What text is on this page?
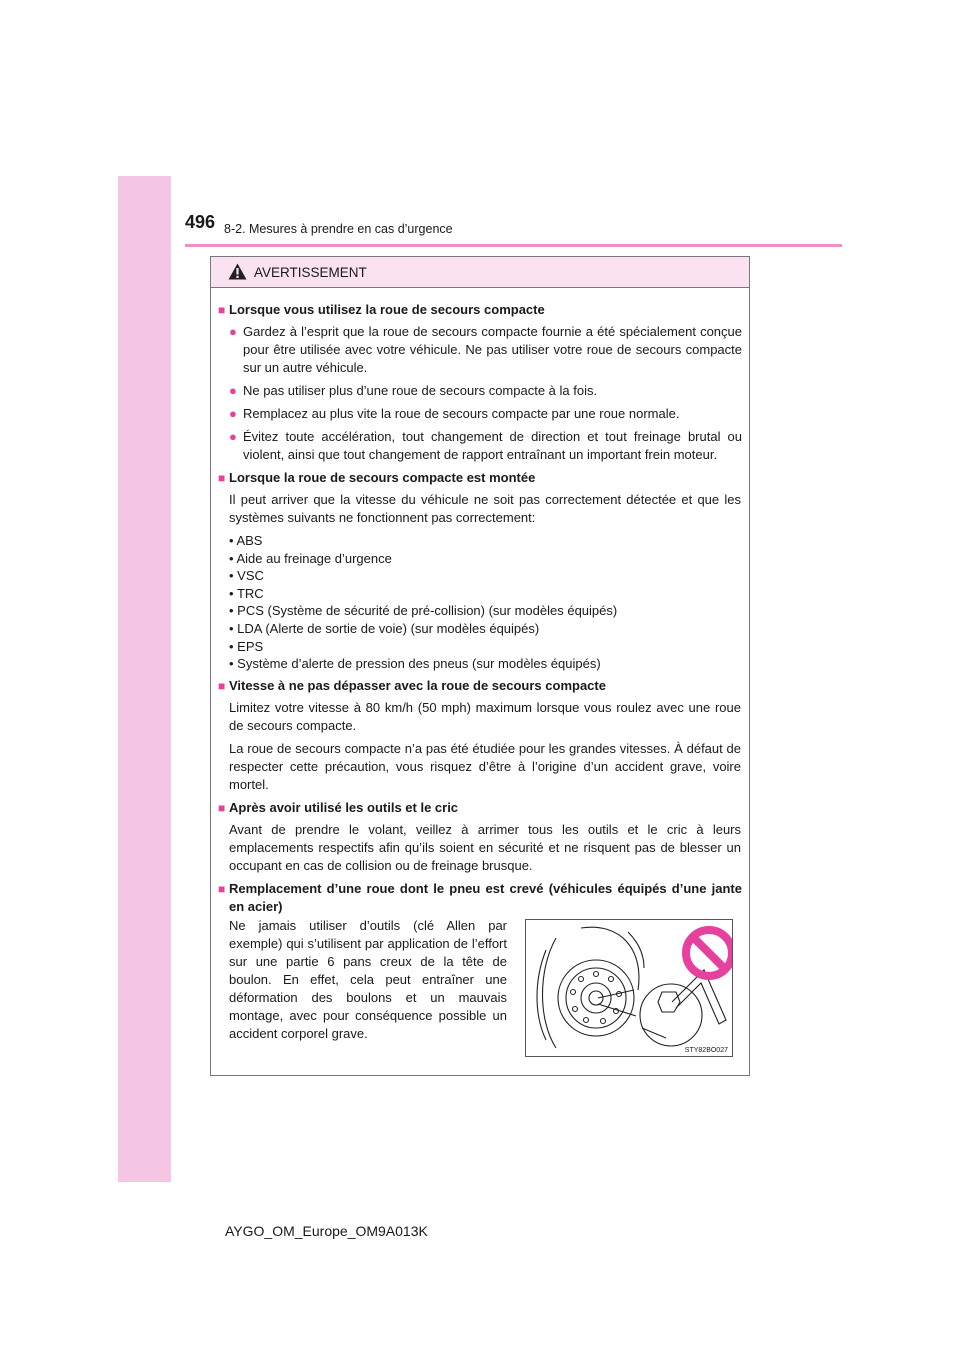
496 8-2. Mesures à prendre en cas d’urgence
AVERTISSEMENT
■ Lorsque vous utilisez la roue de secours compacte
● Gardez à l’esprit que la roue de secours compacte fournie a été spécialement conçue pour être utilisée avec votre véhicule. Ne pas utiliser votre roue de secours compacte sur un autre véhicule.
● Ne pas utiliser plus d’une roue de secours compacte à la fois.
● Remplacez au plus vite la roue de secours compacte par une roue normale.
● Évitez toute accélération, tout changement de direction et tout freinage brutal ou violent, ainsi que tout changement de rapport entraînant un important frein moteur.
■ Lorsque la roue de secours compacte est montée
Il peut arriver que la vitesse du véhicule ne soit pas correctement détectée et que les systèmes suivants ne fonctionnent pas correctement:
• ABS
• Aide au freinage d’urgence
• VSC
• TRC
• PCS (Système de sécurité de pré-collision) (sur modèles équipés)
• LDA (Alerte de sortie de voie) (sur modèles équipés)
• EPS
• Système d’alerte de pression des pneus (sur modèles équipés)
■ Vitesse à ne pas dépasser avec la roue de secours compacte
Limitez votre vitesse à 80 km/h (50 mph) maximum lorsque vous roulez avec une roue de secours compacte.
La roue de secours compacte n’a pas été étudiée pour les grandes vitesses. À défaut de respecter cette précaution, vous risquez d’être à l’origine d’un accident grave, voire mortel.
■ Après avoir utilisé les outils et le cric
Avant de prendre le volant, veillez à arrimer tous les outils et le cric à leurs emplacements respectifs afin qu’ils soient en sécurité et ne risquent pas de blesser un occupant en cas de collision ou de freinage brusque.
■ Remplacement d’une roue dont le pneu est crevé (véhicules équipés d’une jante en acier)
Ne jamais utiliser d’outils (clé Allen par exemple) qui s’utilisent par application de l’effort sur une partie 6 pans creux de la tête de boulon. En effet, cela peut entraîner une déformation des boulons et un mauvais montage, avec pour conséquence possible un accident corporel grave.
STY82BO027
AYGO_OM_Europe_OM9A013K
